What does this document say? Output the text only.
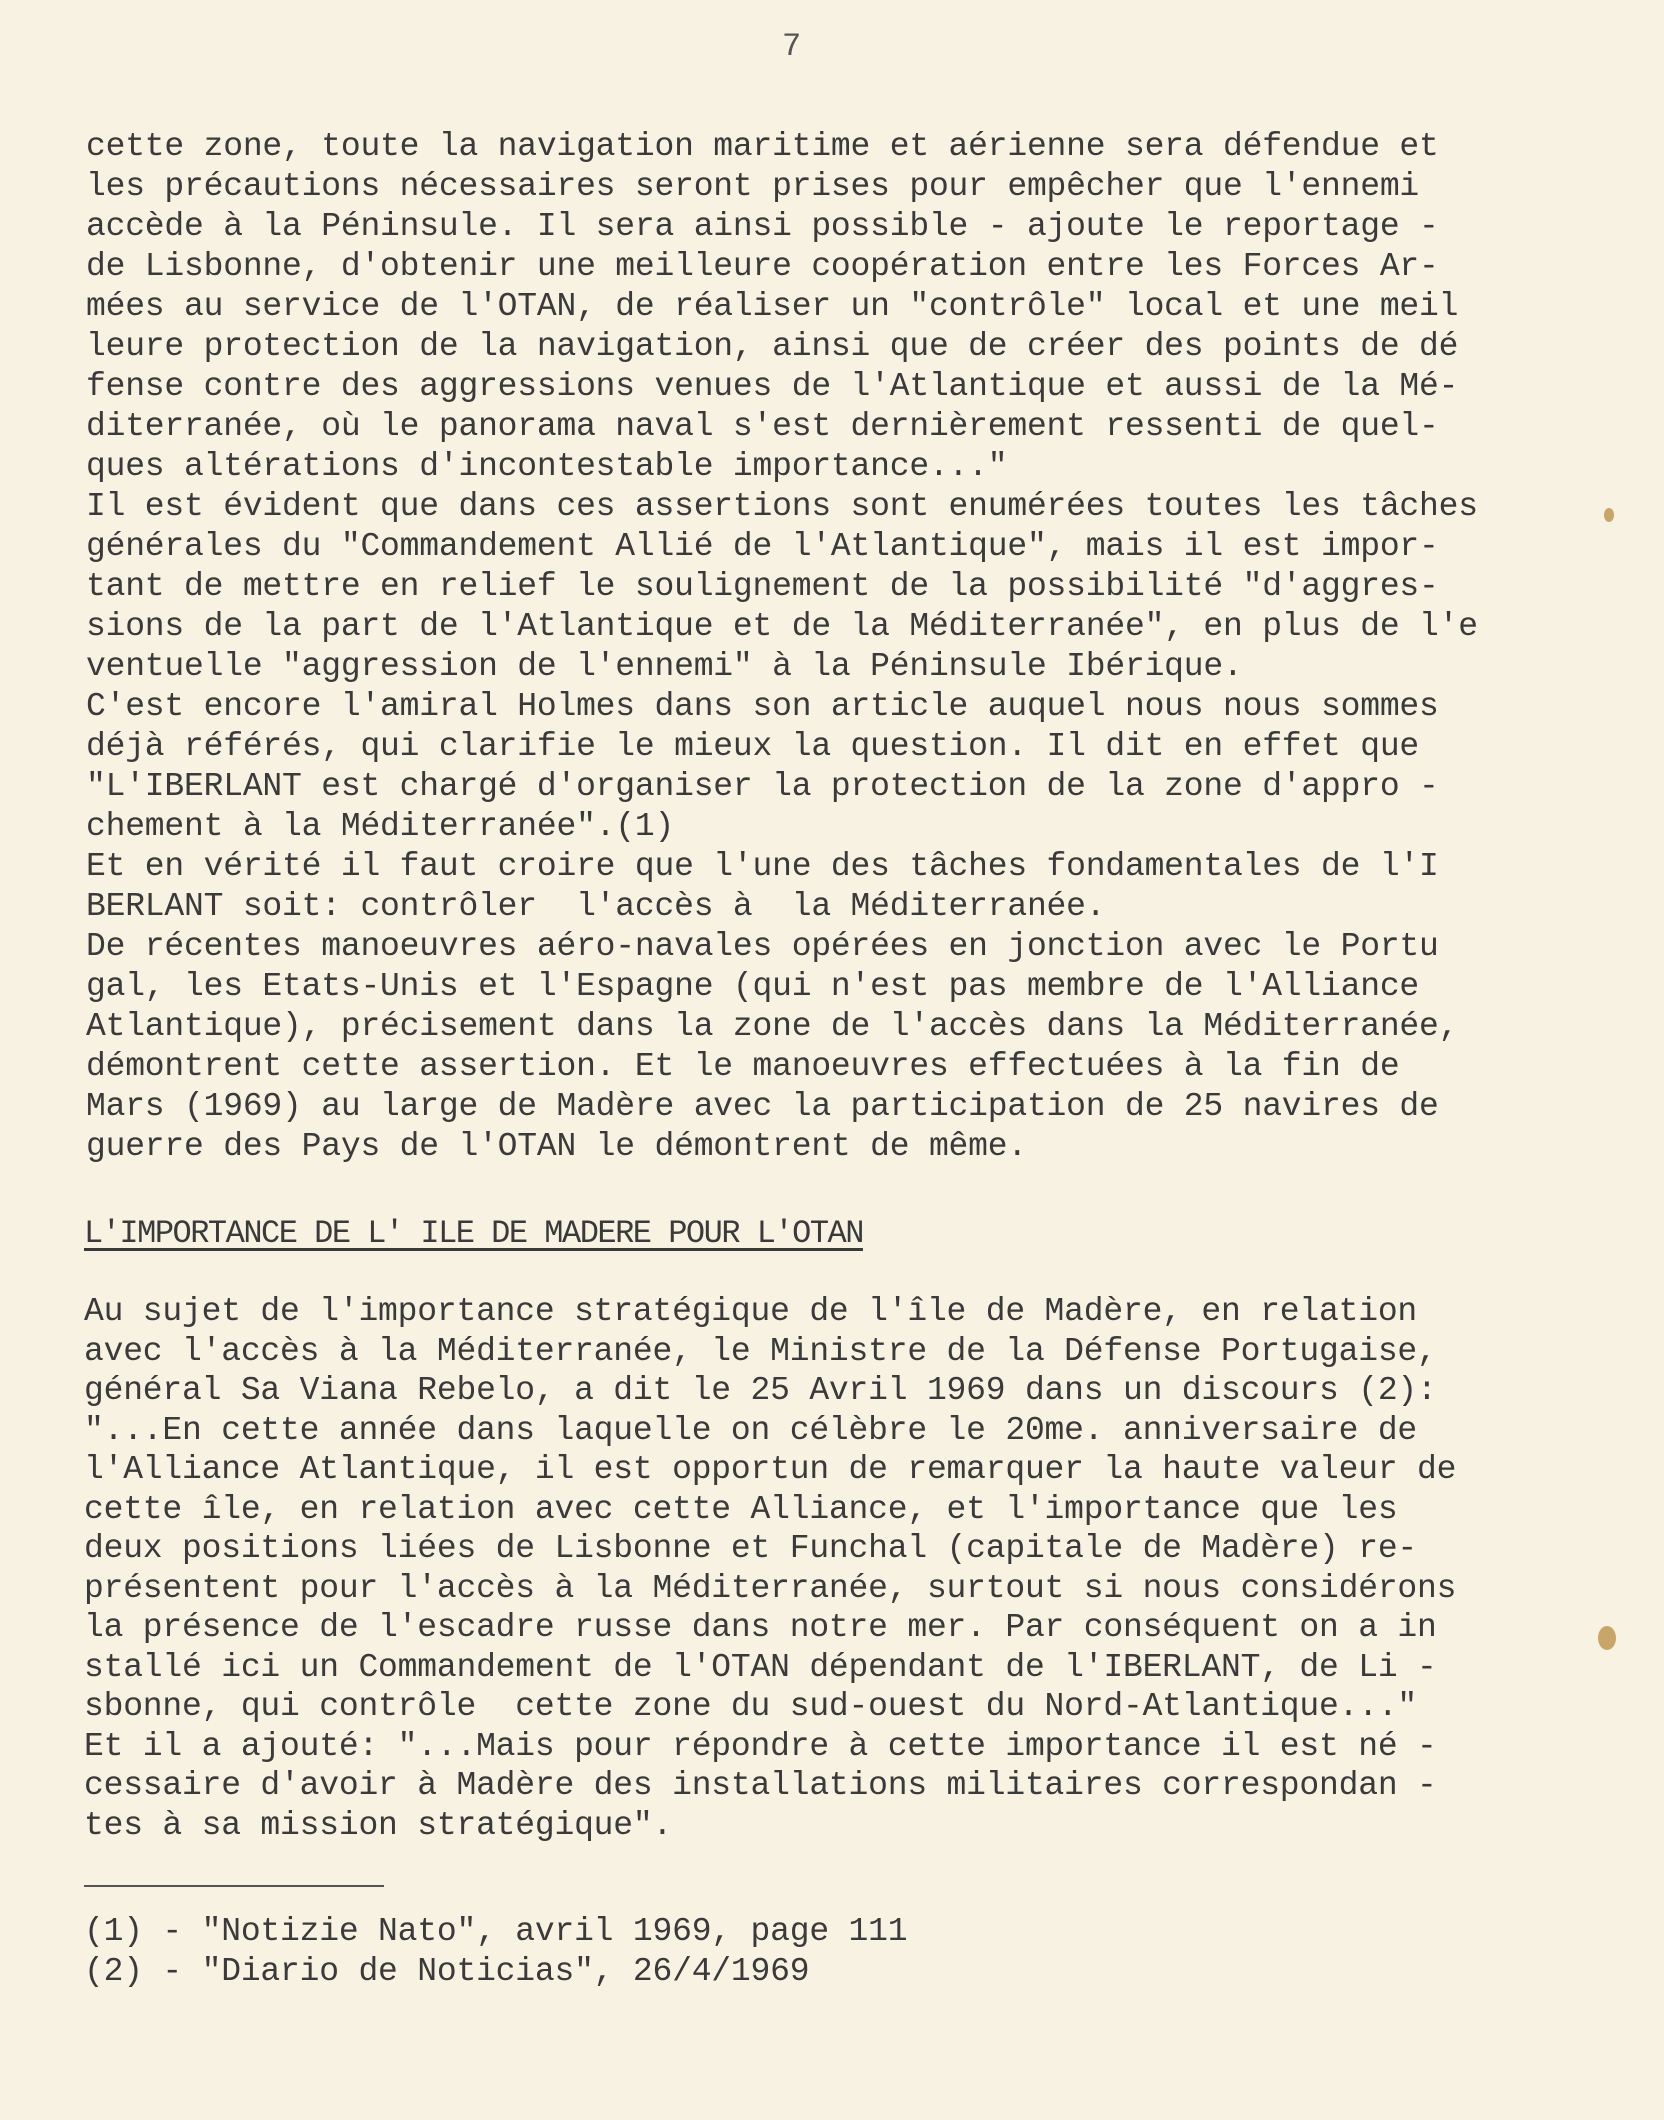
7
cette zone, toute la navigation maritime et aérienne sera défendue et
les précautions nécessaires seront prises pour empêcher que l'ennemi
accède à la Péninsule. Il sera ainsi possible - ajoute le reportage -
de Lisbonne, d'obtenir une meilleure coopération entre les Forces Ar-
mées au service de l'OTAN, de réaliser un "contrôle" local et une meil
leure protection de la navigation, ainsi que de créer des points de dé
fense contre des aggressions venues de l'Atlantique et aussi de la Mé-
diterranée, où le panorama naval s'est dernièrement ressenti de quel-
ques altérations d'incontestable importance..."
Il est évident que dans ces assertions sont enumérées toutes les tâches
générales du "Commandement Allié de l'Atlantique", mais il est impor-
tant de mettre en relief le soulignement de la possibilité "d'aggres-
sions de la part de l'Atlantique et de la Méditerranée", en plus de l'e
ventuelle "aggression de l'ennemi" à la Péninsule Ibérique.
C'est encore l'amiral Holmes dans son article auquel nous nous sommes
déjà référés, qui clarifie le mieux la question. Il dit en effet que
"L'IBERLANT est chargé d'organiser la protection de la zone d'appro -
chement à la Méditerranée".(1)
Et en vérité il faut croire que l'une des tâches fondamentales de l'I
BERLANT soit: contrôler  l'accès à  la Méditerranée.
De récentes manoeuvres aéro-navales opérées en jonction avec le Portu
gal, les Etats-Unis et l'Espagne (qui n'est pas membre de l'Alliance
Atlantique), précisement dans la zone de l'accès dans la Méditerranée,
démontrent cette assertion. Et le manoeuvres effectuées à la fin de
Mars (1969) au large de Madère avec la participation de 25 navires de
guerre des Pays de l'OTAN le démontrent de même.
L'IMPORTANCE DE L' ILE DE MADERE POUR L'OTAN
Au sujet de l'importance stratégique de l'île de Madère, en relation
avec l'accès à la Méditerranée, le Ministre de la Défense Portugaise,
général Sa Viana Rebelo, a dit le 25 Avril 1969 dans un discours (2):
"...En cette année dans laquelle on célèbre le 20me. anniversaire de
l'Alliance Atlantique, il est opportun de remarquer la haute valeur de
cette île, en relation avec cette Alliance, et l'importance que les
deux positions liées de Lisbonne et Funchal (capitale de Madère) re-
présentent pour l'accès à la Méditerranée, surtout si nous considérons
la présence de l'escadre russe dans notre mer. Par conséquent on a in
stallé ici un Commandement de l'OTAN dépendant de l'IBERLANT, de Li -
sbonne, qui contrôle  cette zone du sud-ouest du Nord-Atlantique..."
Et il a ajouté: "...Mais pour répondre à cette importance il est né -
cessaire d'avoir à Madère des installations militaires correspondan -
tes à sa mission stratégique".
(1) - "Notizie Nato", avril 1969, page 111
(2) - "Diario de Noticias", 26/4/1969
